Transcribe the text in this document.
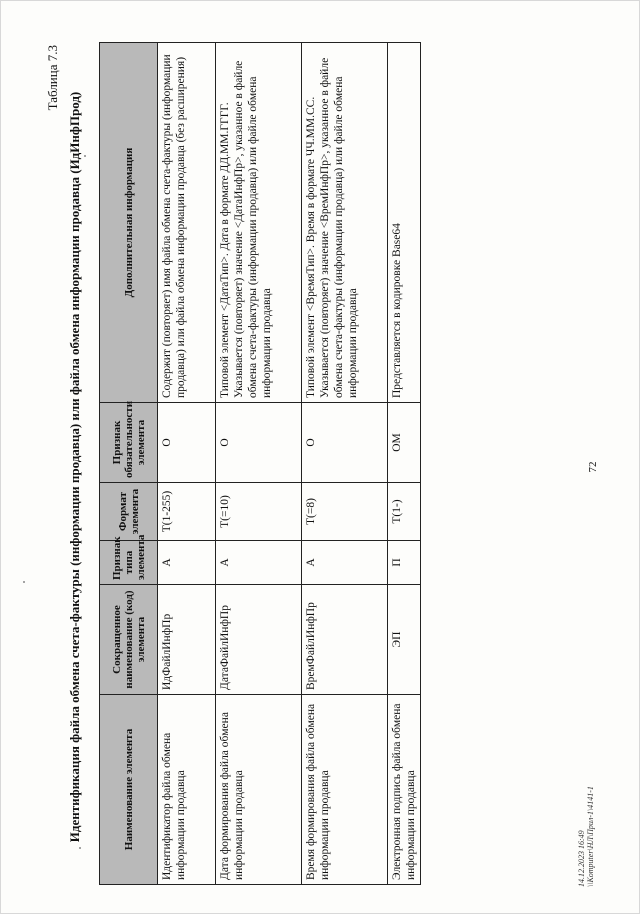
72
Таблица 7.3
Идентификация файла обмена счета-фактуры (информации продавца) или файла обмена информации продавца (ИдИнфПрод)	Наименование элемента	Сокращенное наименование (код) элемента	Признак типа элемента	Формат элемента	Признак обязательности элемента	Дополнительная информация
Идентификатор файла обмена информации продавца	ИдФайлИнфПр	А	T(1-255)	О	Содержит (повторяет) имя файла обмена счета-фактуры (информации продавца) или файла обмена информации продавца (без расширения)
Дата формирования файла обмена информации продавца	ДатаФайлИнфПр	А	T(=10)	О	Типовой элемент <ДатаТип>. Дата в формате ДД.ММ.ГГГГ. Указывается (повторяет) значение <ДатаИнфПр>, указанное в файле обмена счета-фактуры (информации продавца) или файле обмена информации продавца
Время формирования файла обмена информации продавца	ВремФайлИнфПр	А	T(=8)	О	Типовой элемент <ВремяТип>. Время в формате ЧЧ.ММ.СС. Указывается (повторяет) значение <ВремИнфПр>, указанное в файле обмена счета-фактуры (информации продавца) или файле обмена информации продавца
Электронная подпись файла обмена информации продавца	ЭП	П	T(1-)	ОМ	Представляется в кодировке Base64
14.12.2023 16:49 \\Komputer\НЛ\Прил-1\4141-1
